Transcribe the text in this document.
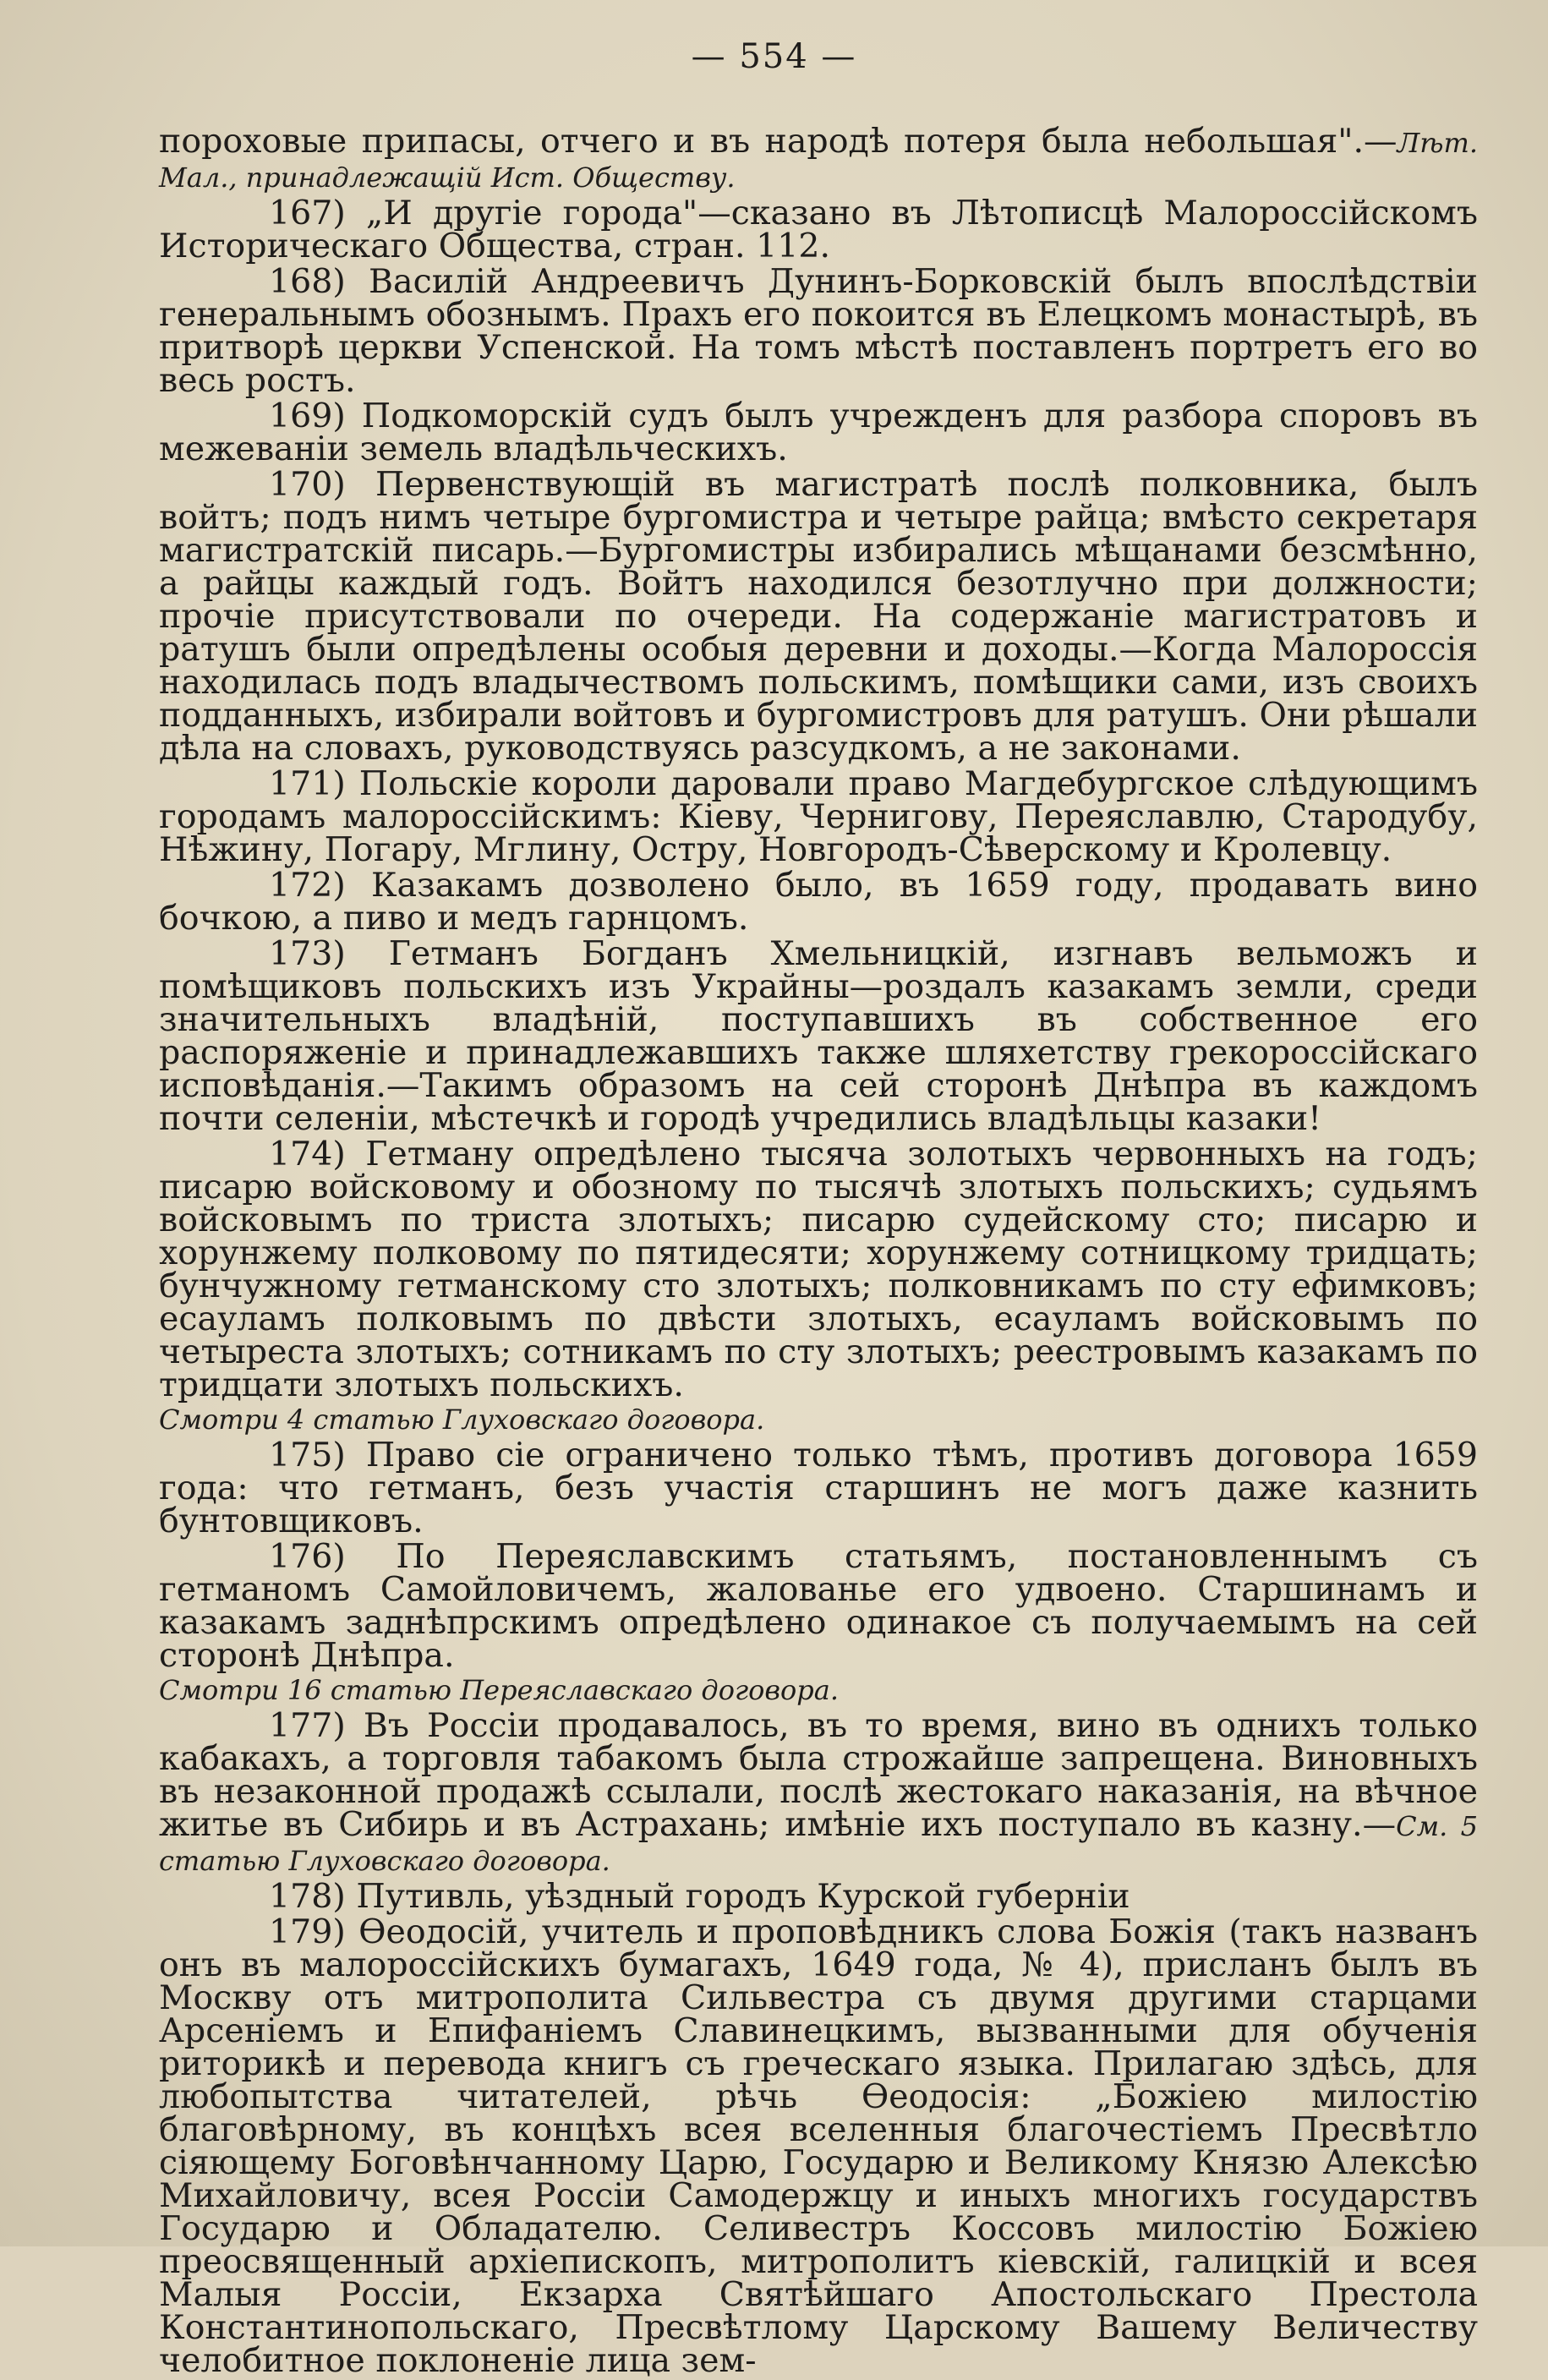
— 554 —

пороховые припасы, отчего и въ народѣ потеря была небольшая".—Лѣт. Мал., принадлежащій Ист. Обществу.

167) „И другіе города"—сказано въ Лѣтописцѣ Малороссійскомъ Историческаго Общества, стран. 112.

168) Василій Андреевичъ Дунинъ-Борковскій былъ впослѣдствіи генеральнымъ обознымъ. Прахъ его покоится въ Елецкомъ монастырѣ, въ притворѣ церкви Успенской. На томъ мѣстѣ поставленъ портретъ его во весь ростъ.

169) Подкоморскій судъ былъ учрежденъ для разбора споровъ въ межеваніи земель владѣльческихъ.

170) Первенствующій въ магистратѣ послѣ полковника, былъ войтъ; подъ нимъ четыре бургомистра и четыре райца; вмѣсто секретаря магистратскій писарь.—Бургомистры избирались мѣщанами безсмѣнно, а райцы каждый годъ. Войтъ находился безотлучно при должности; прочіе присутствовали по очереди. На содержаніе магистратовъ и ратушъ были опредѣлены особыя деревни и доходы.—Когда Малороссія находилась подъ владычествомъ польскимъ, помѣщики сами, изъ своихъ подданныхъ, избирали войтовъ и бургомистровъ для ратушъ. Они рѣшали дѣла на словахъ, руководствуясь разсудкомъ, а не законами.

171) Польскіе короли даровали право Магдебургское слѣдующимъ городамъ малороссійскимъ: Кіеву, Чернигову, Переяславлю, Стародубу, Нѣжину, Погару, Мглину, Остру, Новгородъ-Сѣверскому и Кролевцу.

172) Казакамъ дозволено было, въ 1659 году, продавать вино бочкою, а пиво и медъ гарнцомъ.

173) Гетманъ Богданъ Хмельницкій, изгнавъ вельможъ и помѣщиковъ польскихъ изъ Украйны—роздалъ казакамъ земли, среди значительныхъ владѣній, поступавшихъ въ собственное его распоряженіе и принадлежавшихъ также шляхетству грекороссійскаго исповѣданія.—Такимъ образомъ на сей сторонѣ Днѣпра въ каждомъ почти селеніи, мѣстечкѣ и городѣ учредились владѣльцы казаки!

174) Гетману опредѣлено тысяча золотыхъ червонныхъ на годъ; писарю войсковому и обозному по тысячѣ злотыхъ польскихъ; судьямъ войсковымъ по триста злотыхъ; писарю судейскому сто; писарю и хорунжему полковому по пятидесяти; хорунжему сотницкому тридцать; бунчужному гетманскому сто злотыхъ; полковникамъ по сту ефимковъ; есауламъ полковымъ по двѣсти злотыхъ, есауламъ войсковымъ по четыреста злотыхъ; сотникамъ по сту злотыхъ; реестровымъ казакамъ по тридцати злотыхъ польскихъ.
Смотри 4 статью Глуховскаго договора.

175) Право сіе ограничено только тѣмъ, противъ договора 1659 года: что гетманъ, безъ участія старшинъ не могъ даже казнить бунтовщиковъ.

176) По Переяславскимъ статьямъ, постановленнымъ съ гетманомъ Самойловичемъ, жалованье его удвоено. Старшинамъ и казакамъ заднѣпрскимъ опредѣлено одинакое съ получаемымъ на сей сторонѣ Днѣпра.
Смотри 16 статью Переяславскаго договора.

177) Въ Россіи продавалось, въ то время, вино въ однихъ только кабакахъ, а торговля табакомъ была строжайше запрещена. Виновныхъ въ незаконной продажѣ ссылали, послѣ жестокаго наказанія, на вѣчное житье въ Сибирь и въ Астрахань; имѣніе ихъ поступало въ казну.—См. 5 статью Глуховскаго договора.

178) Путивль, уѣздный городъ Курской губерніи

179) Ѳеодосій, учитель и проповѣдникъ слова Божія (такъ названъ онъ въ малороссійскихъ бумагахъ, 1649 года, № 4), присланъ былъ въ Москву отъ митрополита Сильвестра съ двумя другими старцами Арсеніемъ и Епифаніемъ Славинецкимъ, вызванными для обученія риторикѣ и перевода книгъ съ греческаго языка. Прилагаю здѣсь, для любопытства читателей, рѣчь Ѳеодосія: „Божіею милостію благовѣрному, въ концѣхъ всея вселенныя благочестіемъ Пресвѣтло сіяющему Боговѣнчанному Царю, Государю и Великому Князю Алексѣю Михайловичу, всея Россіи Самодержцу и иныхъ многихъ государствъ Государю и Обладателю. Селивестръ Коссовъ милостію Божіею преосвященный архіепископъ, митрополитъ кіевскій, галицкій и всея Малыя Россіи, Екзарха Святѣйшаго Апостольскаго Престола Константинопольскаго, Пресвѣтлому Царскому Вашему Величеству челобитное поклоненіе лица зем-
